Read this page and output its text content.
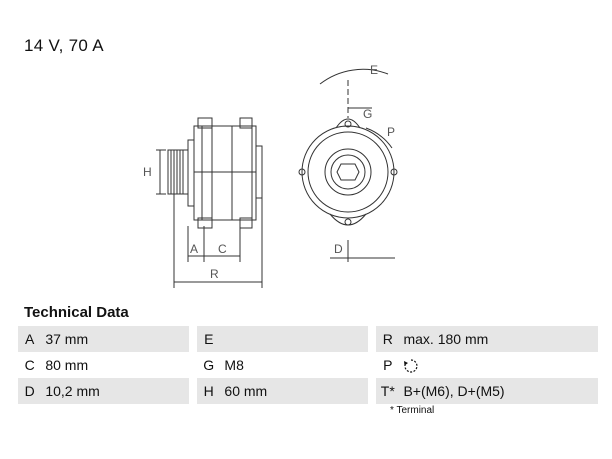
14 V, 70 A
H
A C
R
E
G
P
D
Technical Data
A 37 mm	E	R max. 180 mm
C 80 mm	G M8	P
D 10,2 mm	H 60 mm	T* B+(M6), D+(M5)
* Terminal
